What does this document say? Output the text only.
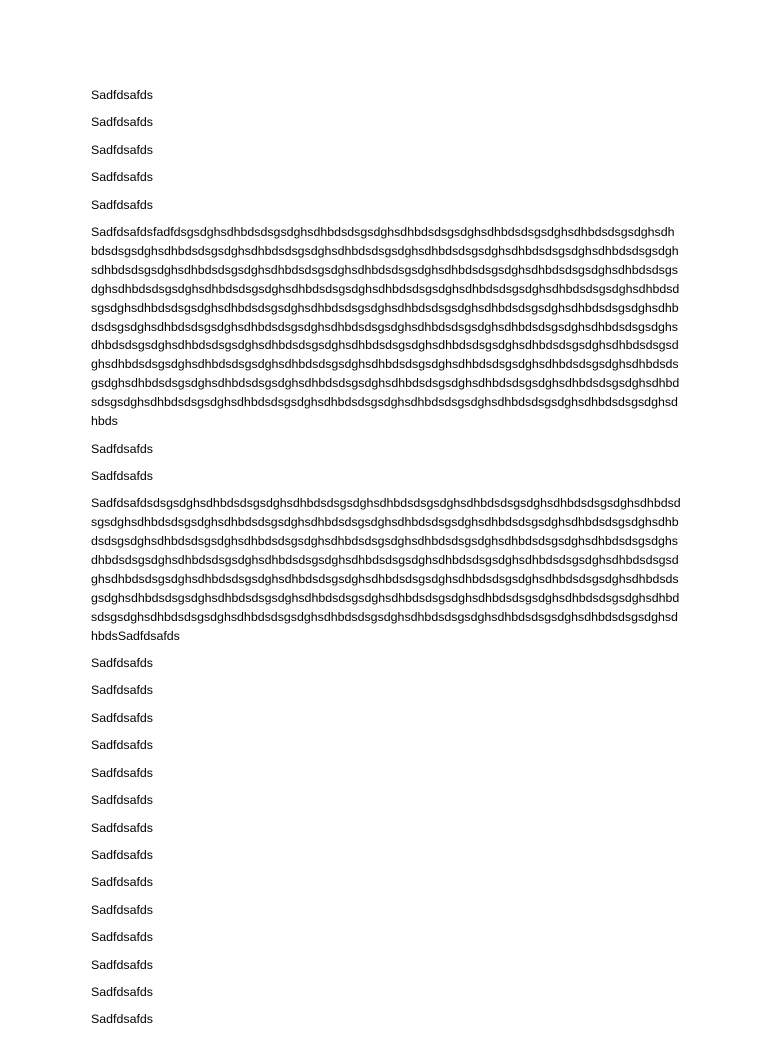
Sadfdsafds

Sadfdsafds

Sadfdsafds

Sadfdsafds

Sadfdsafds

Sadfdsafdsfadfdsgsdghsdhbdsdsgsdghsdhbdsdsgsdghsdhbdsdsgsdghsdhbdsdsgsdghsdhbdsdsgsdghsdhbdsdsgsdghsdhbdsdsgsdghsdhbdsdsgsdghsdhbdsdsgsdghsdhbdsdsgsdghsdhbdsdsgsdghsdhbdsdsgsdghsdhbdsdsgsdghsdhbdsdsgsdghsdhbdsdsgsdghsdhbdsdsgsdghsdhbdsdsgsdghsdhbdsdsgsdghsdhbdsdsgsdghsdhbdsdsgsdghsdhbdsdsgsdghsdhbdsdsgsdghsdhbdsdsgsdghsdhbdsdsgsdghsdhbdsdsgsdghsdhbdsdsgsdghsdhbdsdsgsdghsdhbdsdsgsdghsdhbdsdsgsdghsdhbdsdsgsdghsdhbdsdsgsdghsdhbdsdsgsdghsdhbdsdsgsdghsdhbdsdsgsdghsdhbdsdsgsdghsdhbdsdsgsdghsdhbdsdsgsdghsdhbdsdsgsdghsdhbdsdsgsdghsdhbdsdsgsdghsdhbdsdsgsdghsdhbdsdsgsdghsdhbdsdsgsdghsdhbdsdsgsdghsdhbdsdsgsdghsdhbdsdsgsdghsdhbdsdsgsdghsdhbdsdsgsdghsdhbdsdsgsdghsdhbdsdsgsdghsdhbdsdsgsdghsdhbdsdsgsdghsdhbdsdsgsdghsdhbdsdsgsdghsdhbdsdsgsdghsdhbdsdsgsdghsdhbdsdsgsdghsdhbdsdsgsdghsdhbdsdsgsdghsdhbdsdsgsdghsdhbdsdsgsdghsdhbdsdsgsdghsdhbdsdsgsdghsdhbdsdsgsdghsdhbdsdsgsdghsdhbdsdsgsdghsdhbds

Sadfdsafds

Sadfdsafds

SadfdsafdsdsgsdghsdhbdsdsgsdghsdhbdsdsgsdghsdhbdsdsgsdghsdhbdsdsgsdghsdhbdsdsgsdghsdhbdsdsgsdghsdhbdsdsgsdghsdhbdsdsgsdghsdhbdsdsgsdghsdhbdsdsgsdghsdhbdsdsgsdghsdhbdsdsgsdghsdhbdsdsgsdghsdhbdsdsgsdghsdhbdsdsgsdghsdhbdsdsgsdghsdhbdsdsgsdghsdhbdsdsgsdghsdhbdsdsgsdghsdhbdsdsgsdghsdhbdsdsgsdghsdhbdsdsgsdghsdhbdsdsgsdghsdhbdsdsgsdghsdhbdsdsgsdghsdhbdsdsgsdghsdhbdsdsgsdghsdhbdsdsgsdghsdhbdsdsgsdghsdhbdsdsgsdghsdhbdsdsgsdghsdhbdsdsgsdghsdhbdsdsgsdghsdhbdsdsgsdghsdhbdsdsgsdghsdhbdsdsgsdghsdhbdsdsgsdghsdhbdsdsgsdghsdhbdsdsgsdghsdhbdsdsgsdghsdhbdsdsgsdghsdhbdsdsgsdghsdhbdsdsgsdghsdhbdsdsgsdghsdhbdsdsgsdghsdhbdsdsgsdghsdhbdsSadfdsafds

Sadfdsafds

Sadfdsafds

Sadfdsafds

Sadfdsafds

Sadfdsafds

Sadfdsafds

Sadfdsafds

Sadfdsafds

Sadfdsafds

Sadfdsafds

Sadfdsafds

Sadfdsafds

Sadfdsafds

Sadfdsafds
